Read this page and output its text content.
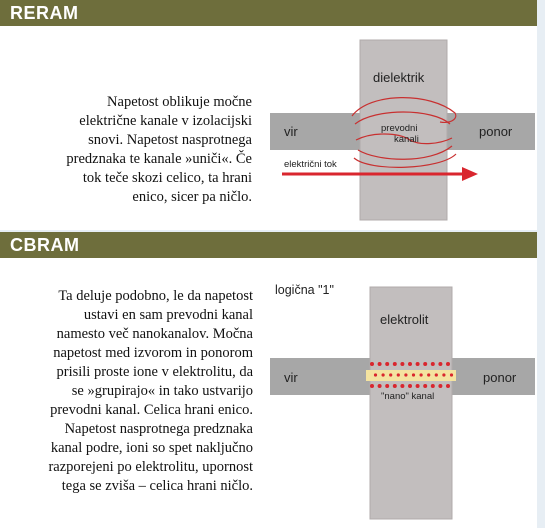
RERAM
Napetost oblikuje močne
električne kanale v izolacijski
snovi. Napetost nasprotnega
predznaka te kanale »uniči«. Če
tok teče skozi celico, ta hrani
enico, sicer pa ničlo.
dielektrik
vir	ponor
prevodni
kanali
električni tok
CBRAM
Ta deluje podobno, le da napetost
ustavi en sam prevodni kanal
namesto več nanokanalov. Močna
napetost med izvorom in ponorom
prisili proste ione v elektrolitu, da
se »grupirajo« in tako ustvarijo
prevodni kanal. Celica hrani enico.
Napetost nasprotnega predznaka
kanal podre, ioni so spet naključno
razporejeni po elektrolitu, upornost
tega se zviša – celica hrani ničlo.
logična "1"
elektrolit
vir	ponor
"nano" kanal
